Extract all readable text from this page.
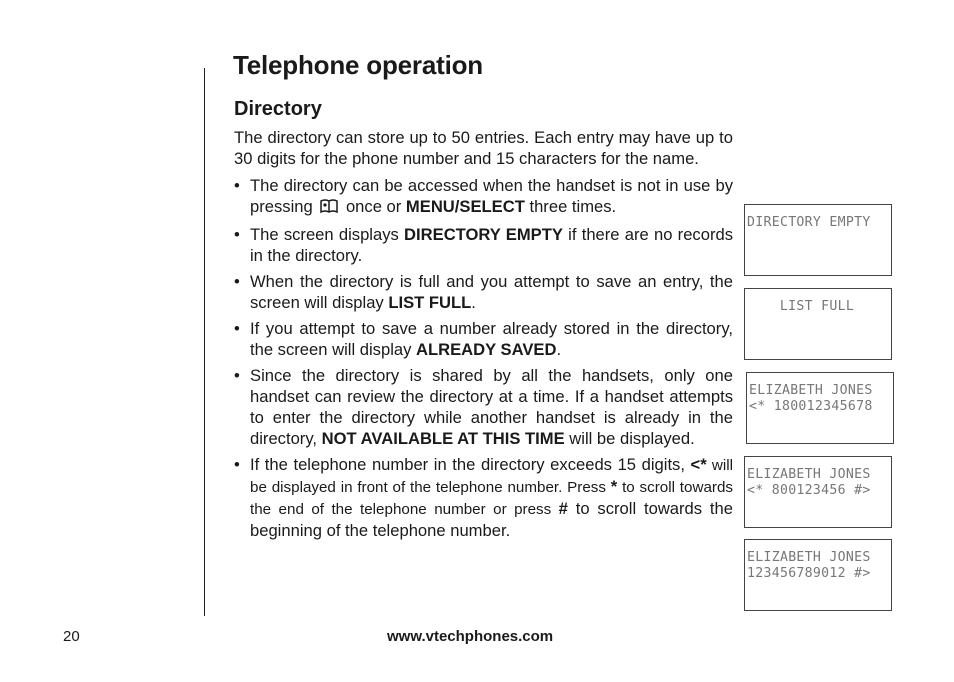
Telephone operation
Directory

The directory can store up to 50 entries. Each entry may have up to 30 digits for the phone number and 15 characters for the name.

• The directory can be accessed when the handset is not in use by pressing  once or MENU/SELECT three times.
• The screen displays DIRECTORY EMPTY if there are no records in the directory.
• When the directory is full and you attempt to save an entry, the screen will display LIST FULL.
• If you attempt to save a number already stored in the directory, the screen will display ALREADY SAVED.
• Since the directory is shared by all the handsets, only one handset can review the directory at a time. If a handset attempts to enter the directory while another handset is already in the directory, NOT AVAILABLE AT THIS TIME will be displayed.
• If the telephone number in the directory exceeds 15 digits, <* will be displayed in front of the telephone number. Press * to scroll towards the end of the telephone number or press # to scroll towards the beginning of the telephone number.
DIRECTORY EMPTY
LIST FULL
ELIZABETH JONES
<* 180012345678
ELIZABETH JONES
<* 800123456 #>
ELIZABETH JONES
12345678901​2 #>
20	www.vtechphones.com
